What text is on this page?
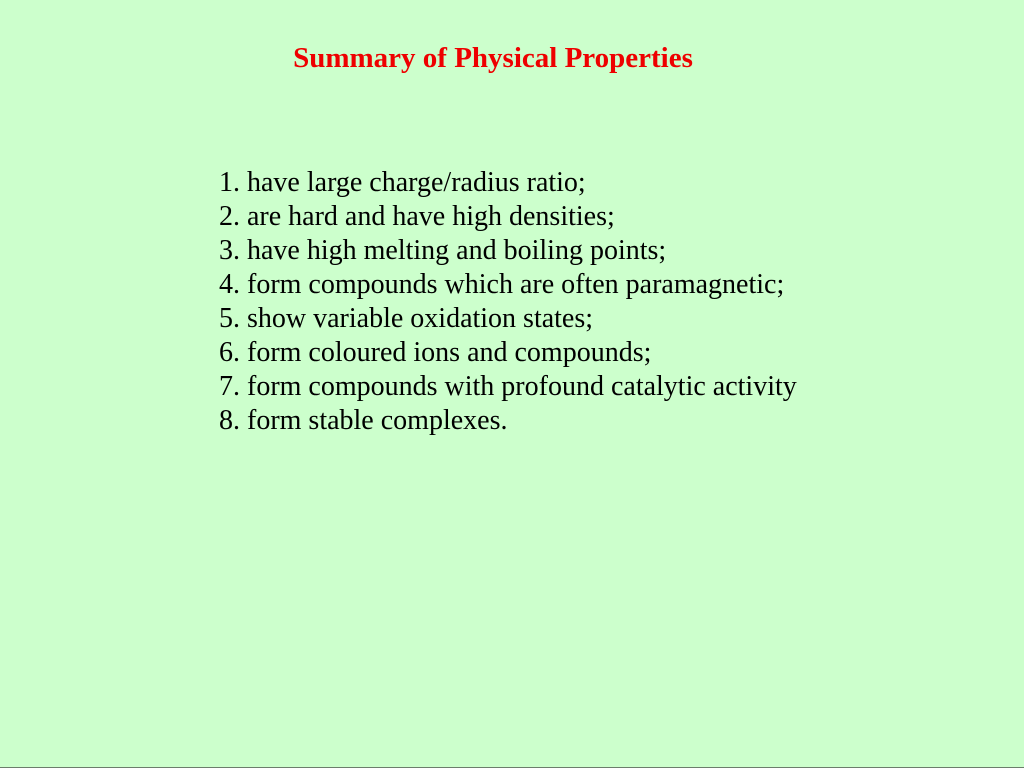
Summary of Physical Properties
1. have large charge/radius ratio;
2. are hard and have high densities;
3. have high melting and boiling points;
4. form compounds which are often paramagnetic;
5. show variable oxidation states;
6. form coloured ions and compounds;
7. form compounds with profound catalytic activity
8. form stable complexes.
